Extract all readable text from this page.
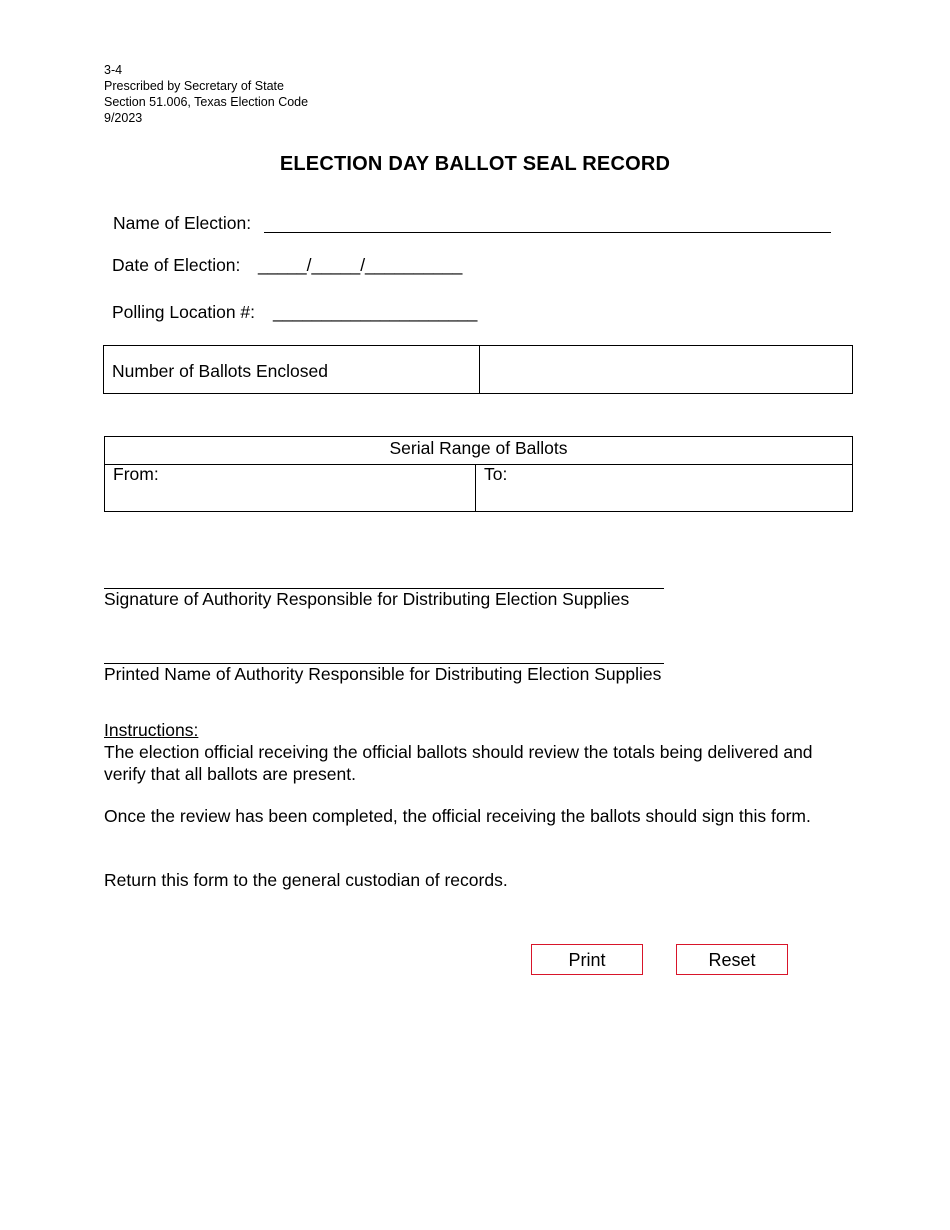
3-4
Prescribed by Secretary of State
Section 51.006, Texas Election Code
9/2023
ELECTION DAY BALLOT SEAL RECORD
Name of Election:
Date of Election: _____/_____/__________
Polling Location #: _____________________
Number of Ballots Enclosed
Serial Range of Ballots
From:	To:
Signature of Authority Responsible for Distributing Election Supplies
Printed Name of Authority Responsible for Distributing Election Supplies
Instructions:
The election official receiving the official ballots should review the totals being delivered and verify that all ballots are present.
Once the review has been completed, the official receiving the ballots should sign this form.
Return this form to the general custodian of records.
Print	Reset
